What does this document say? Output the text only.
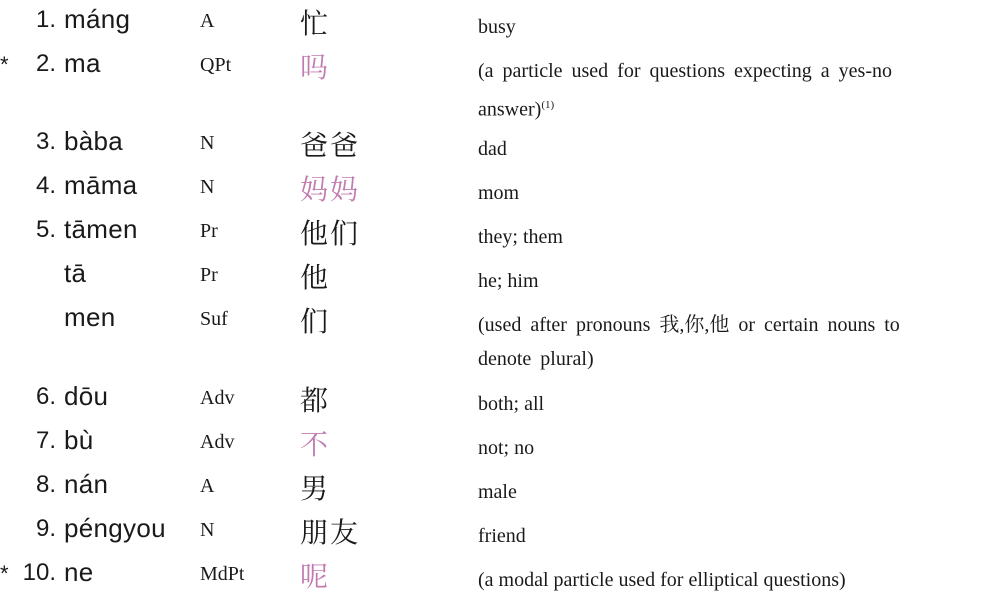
1. máng	A	忙	busy
*	2. ma	QPt 吗	(a particle used for questions expecting a yes-no answer)$^{(1)}$
3. bàba	N	爸爸	dad
4. māma	N	妈妈	mom
5. tāmen	Pr	他们	they; them
tā	Pr	他	he; him
men	Suf	们	(used after pronouns 我,你,他 or certain nouns to denote plural)
6. dōu	Adv 都	both; all
7. bù	Adv 不	not; no
8. nán	A	男	male
9. péngyou N	朋友	friend
* 10. ne	MdPt 呢	(a modal particle used for elliptical questions)
